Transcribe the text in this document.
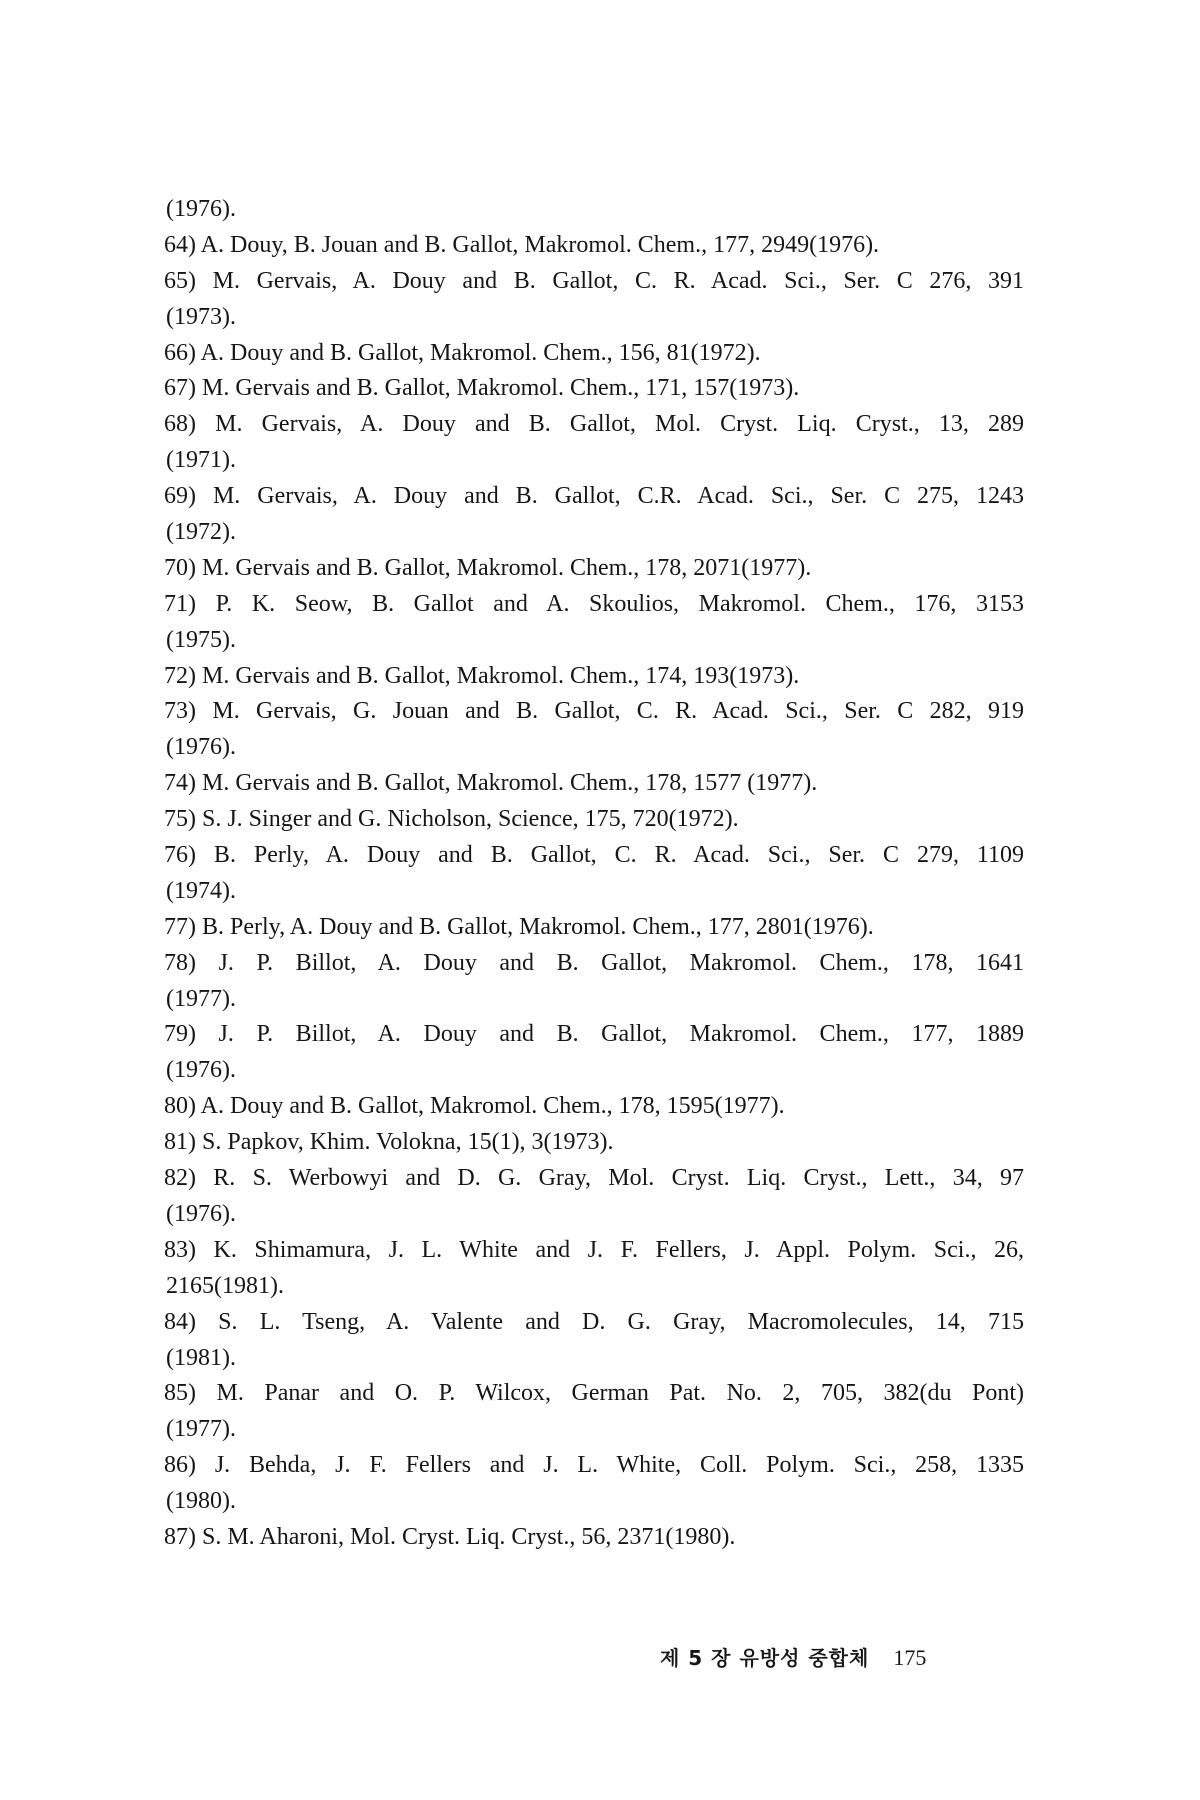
(1976).
64) A. Douy, B. Jouan and B. Gallot, Makromol. Chem., 177, 2949(1976).
65) M. Gervais, A. Douy and B. Gallot, C. R. Acad. Sci., Ser. C 276, 391
(1973).
66) A. Douy and B. Gallot, Makromol. Chem., 156, 81(1972).
67) M. Gervais and B. Gallot, Makromol. Chem., 171, 157(1973).
68) M. Gervais, A. Douy and B. Gallot, Mol. Cryst. Liq. Cryst., 13, 289
(1971).
69) M. Gervais, A. Douy and B. Gallot, C.R. Acad. Sci., Ser. C 275, 1243
(1972).
70) M. Gervais and B. Gallot, Makromol. Chem., 178, 2071(1977).
71) P. K. Seow, B. Gallot and A. Skoulios, Makromol. Chem., 176, 3153
(1975).
72) M. Gervais and B. Gallot, Makromol. Chem., 174, 193(1973).
73) M. Gervais, G. Jouan and B. Gallot, C. R. Acad. Sci., Ser. C 282, 919
(1976).
74) M. Gervais and B. Gallot, Makromol. Chem., 178, 1577 (1977).
75) S. J. Singer and G. Nicholson, Science, 175, 720(1972).
76) B. Perly, A. Douy and B. Gallot, C. R. Acad. Sci., Ser. C 279, 1109
(1974).
77) B. Perly, A. Douy and B. Gallot, Makromol. Chem., 177, 2801(1976).
78) J. P. Billot, A. Douy and B. Gallot, Makromol. Chem., 178, 1641
(1977).
79) J. P. Billot, A. Douy and B. Gallot, Makromol. Chem., 177, 1889
(1976).
80) A. Douy and B. Gallot, Makromol. Chem., 178, 1595(1977).
81) S. Papkov, Khim. Volokna, 15(1), 3(1973).
82) R. S. Werbowyi and D. G. Gray, Mol. Cryst. Liq. Cryst., Lett., 34, 97
(1976).
83) K. Shimamura, J. L. White and J. F. Fellers, J. Appl. Polym. Sci., 26,
2165(1981).
84) S. L. Tseng, A. Valente and D. G. Gray, Macromolecules, 14, 715
(1981).
85) M. Panar and O. P. Wilcox, German Pat. No. 2, 705, 382(du Pont)
(1977).
86) J. Behda, J. F. Fellers and J. L. White, Coll. Polym. Sci., 258, 1335
(1980).
87) S. M. Aharoni, Mol. Cryst. Liq. Cryst., 56, 2371(1980).
제 5 장 유방성 중합체 175
